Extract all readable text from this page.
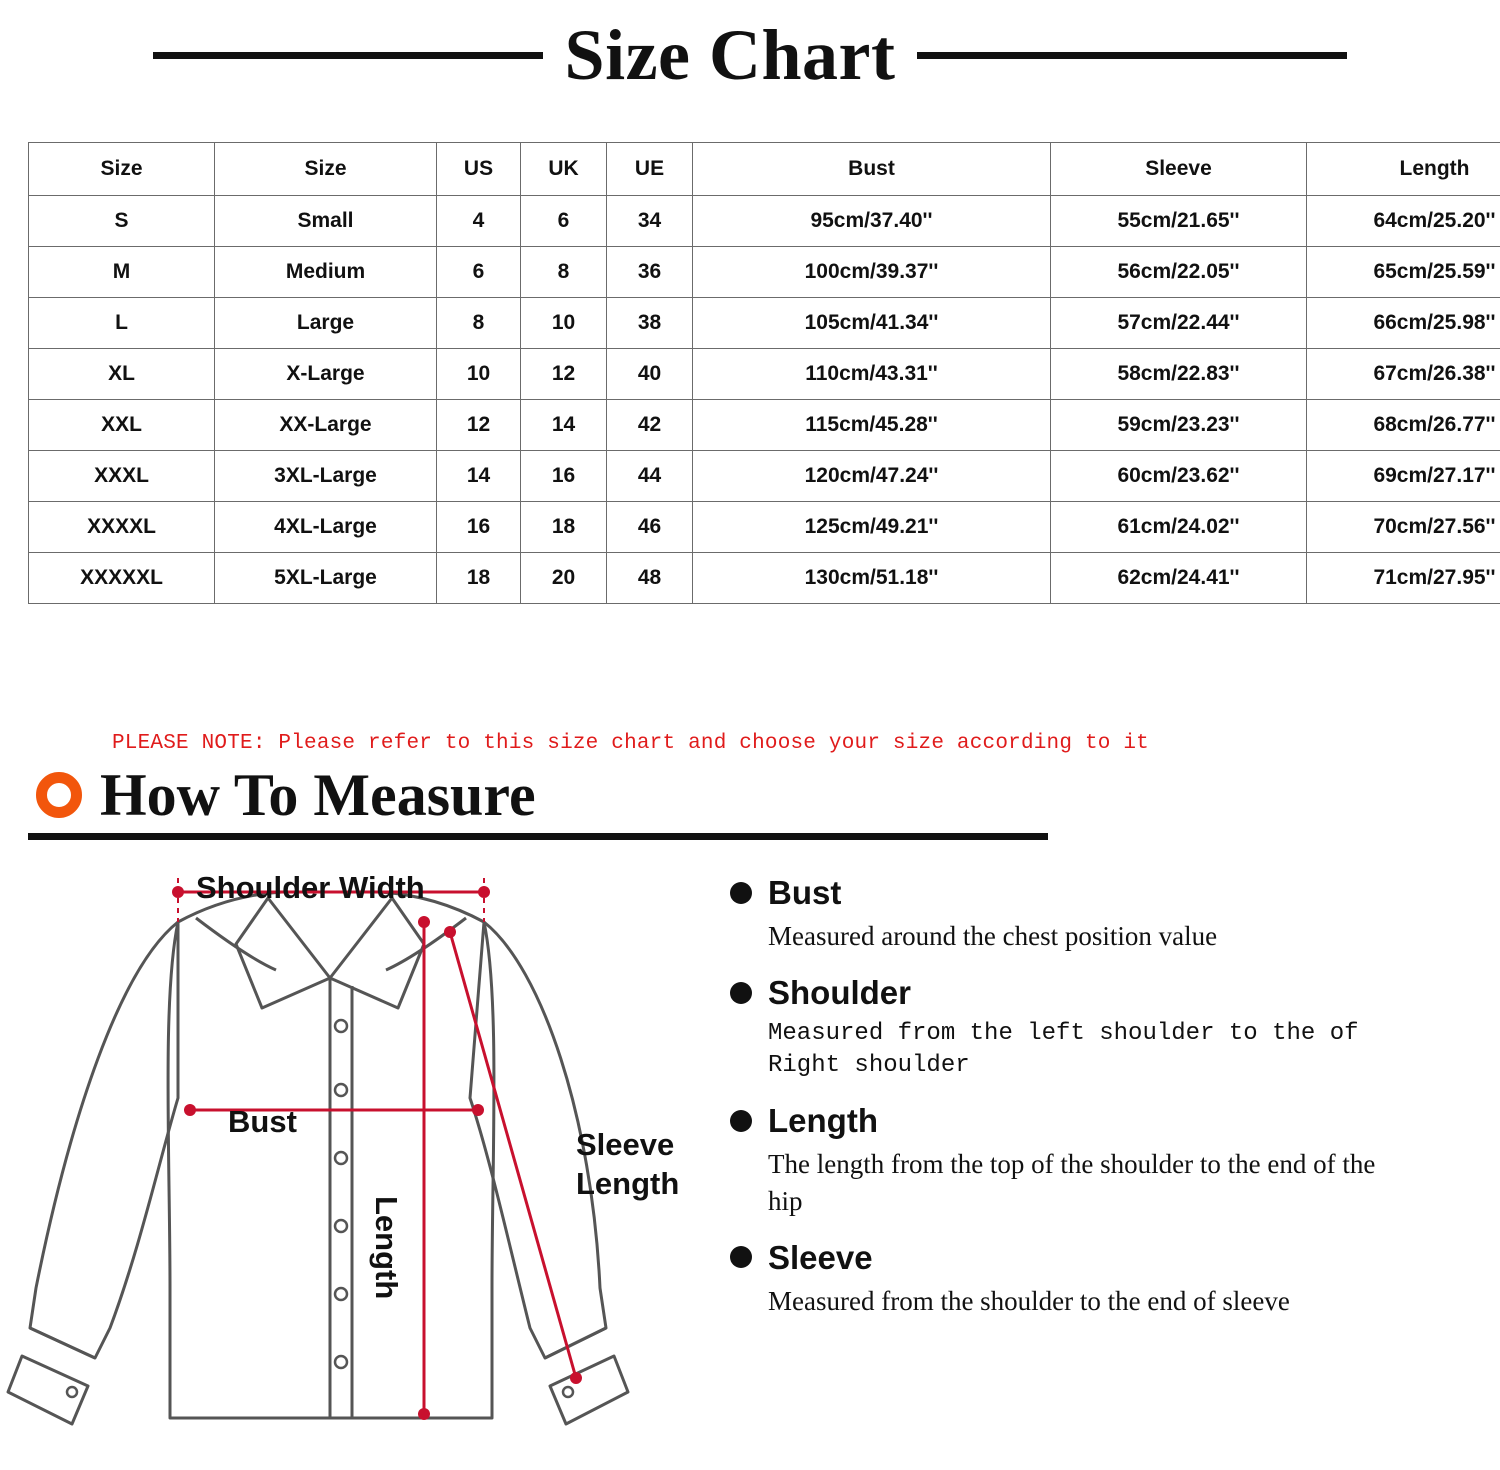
Size Chart
Size	Size	US	UK	UE	Bust	Sleeve	Length
S	Small	4	6	34	95cm/37.40''	55cm/21.65''	64cm/25.20''
M	Medium	6	8	36	100cm/39.37''	56cm/22.05''	65cm/25.59''
L	Large	8	10	38	105cm/41.34''	57cm/22.44''	66cm/25.98''
XL	X-Large	10	12	40	110cm/43.31''	58cm/22.83''	67cm/26.38''
XXL	XX-Large	12	14	42	115cm/45.28''	59cm/23.23''	68cm/26.77''
XXXL	3XL-Large	14	16	44	120cm/47.24''	60cm/23.62''	69cm/27.17''
XXXXL	4XL-Large	16	18	46	125cm/49.21''	61cm/24.02''	70cm/27.56''
XXXXXL	5XL-Large	18	20	48	130cm/51.18''	62cm/24.41''	71cm/27.95''
PLEASE NOTE: Please refer to this size chart and choose your size according to it
How To Measure
Shoulder Width
Bust
Length
Sleeve
Length
Bust
Measured around the chest position value
Shoulder
Measured from the left shoulder to the of Right shoulder
Length
The length from the top of the shoulder to the end of the hip
Sleeve
Measured from the shoulder to the end of sleeve
